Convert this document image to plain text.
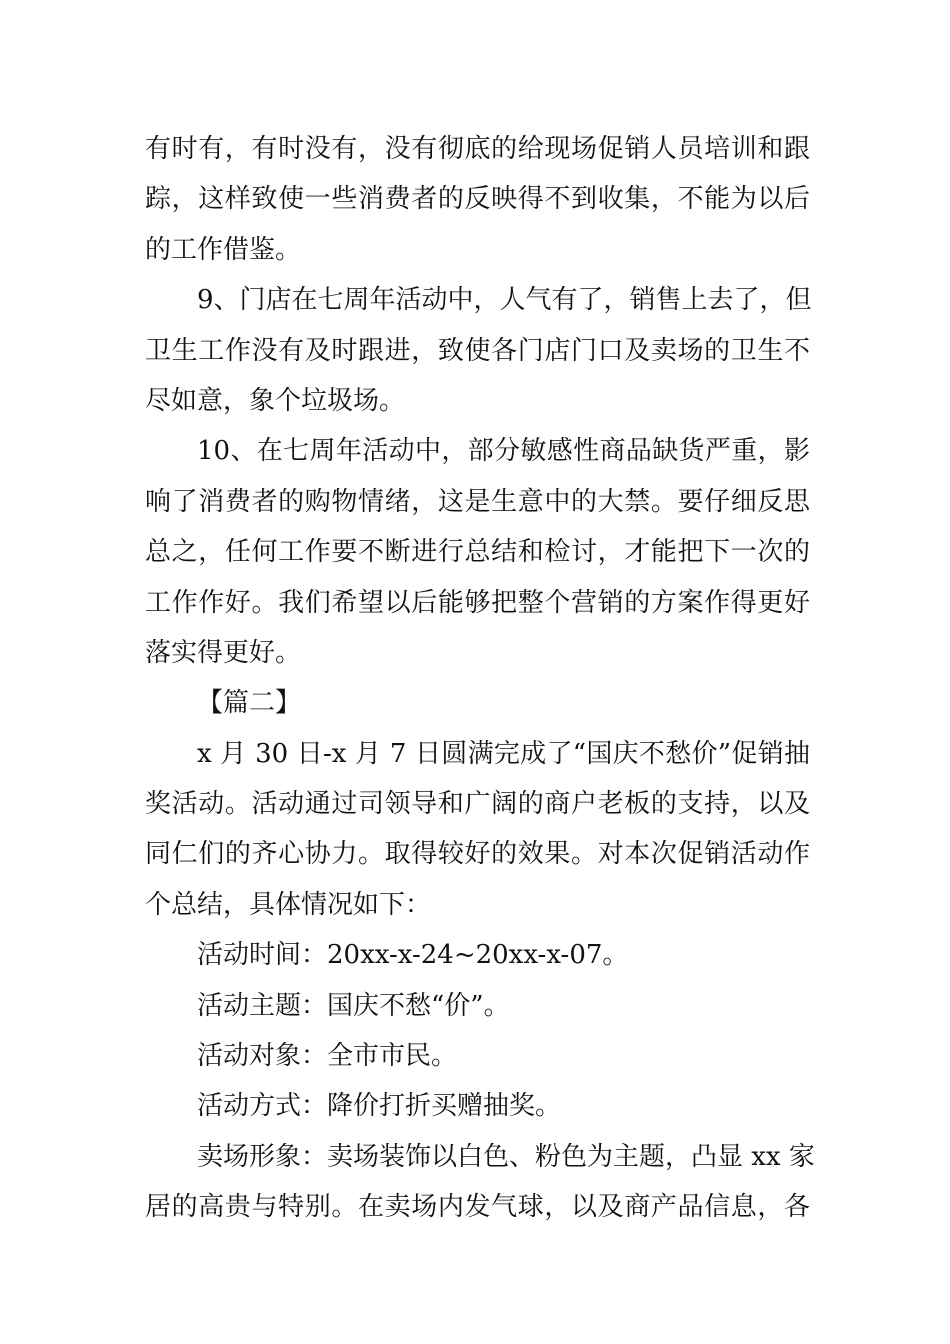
有时有，有时没有，没有彻底的给现场促销人员培训和跟
踪，这样致使一些消费者的反映得不到收集，不能为以后
的工作借鉴。

9、门店在七周年活动中，人气有了，销售上去了，但
卫生工作没有及时跟进，致使各门店门口及卖场的卫生不
尽如意，象个垃圾场。

10、在七周年活动中，部分敏感性商品缺货严重，影
响了消费者的购物情绪，这是生意中的大禁。要仔细反思
总之，任何工作要不断进行总结和检讨，才能把下一次的
工作作好。我们希望以后能够把整个营销的方案作得更好
落实得更好。

【篇二】

x 月 30 日-x 月 7 日圆满完成了“国庆不愁价”促销抽
奖活动。活动通过司领导和广阔的商户老板的支持，以及
同仁们的齐心协力。取得较好的效果。对本次促销活动作
个总结，具体情况如下：

活动时间：20xx-x-24~20xx-x-07。

活动主题：国庆不愁“价”。

活动对象：全市市民。

活动方式：降价打折买赠抽奖。

卖场形象：卖场装饰以白色、粉色为主题，凸显 xx 家
居的高贵与特别。在卖场内发气球，以及商产品信息，各
